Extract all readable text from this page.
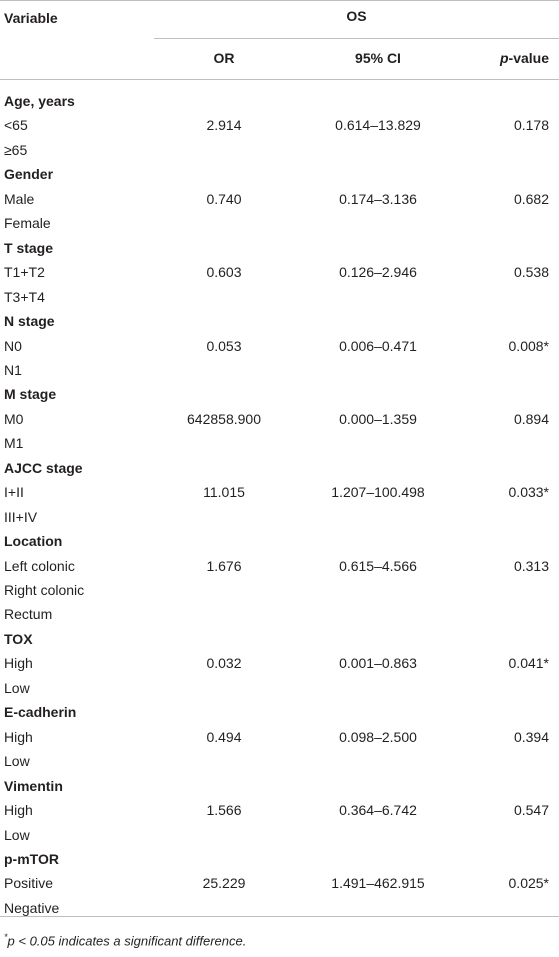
Variable	OS
OR	95% CI	p-value
Age, years
<65	2.914	0.614–13.829	0.178
≥65
Gender
Male	0.740	0.174–3.136	0.682
Female
T stage
T1+T2	0.603	0.126–2.946	0.538
T3+T4
N stage
N0	0.053	0.006–0.471	0.008*
N1
M stage
M0	642858.900	0.000–1.359	0.894
M1
AJCC stage
I+II	11.015	1.207–100.498	0.033*
III+IV
Location
Left colonic	1.676	0.615–4.566	0.313
Right colonic
Rectum
TOX
High	0.032	0.001–0.863	0.041*
Low
E-cadherin
High	0.494	0.098–2.500	0.394
Low
Vimentin
High	1.566	0.364–6.742	0.547
Low
p-mTOR
Positive	25.229	1.491–462.915	0.025*
Negative
*p < 0.05 indicates a significant difference.
